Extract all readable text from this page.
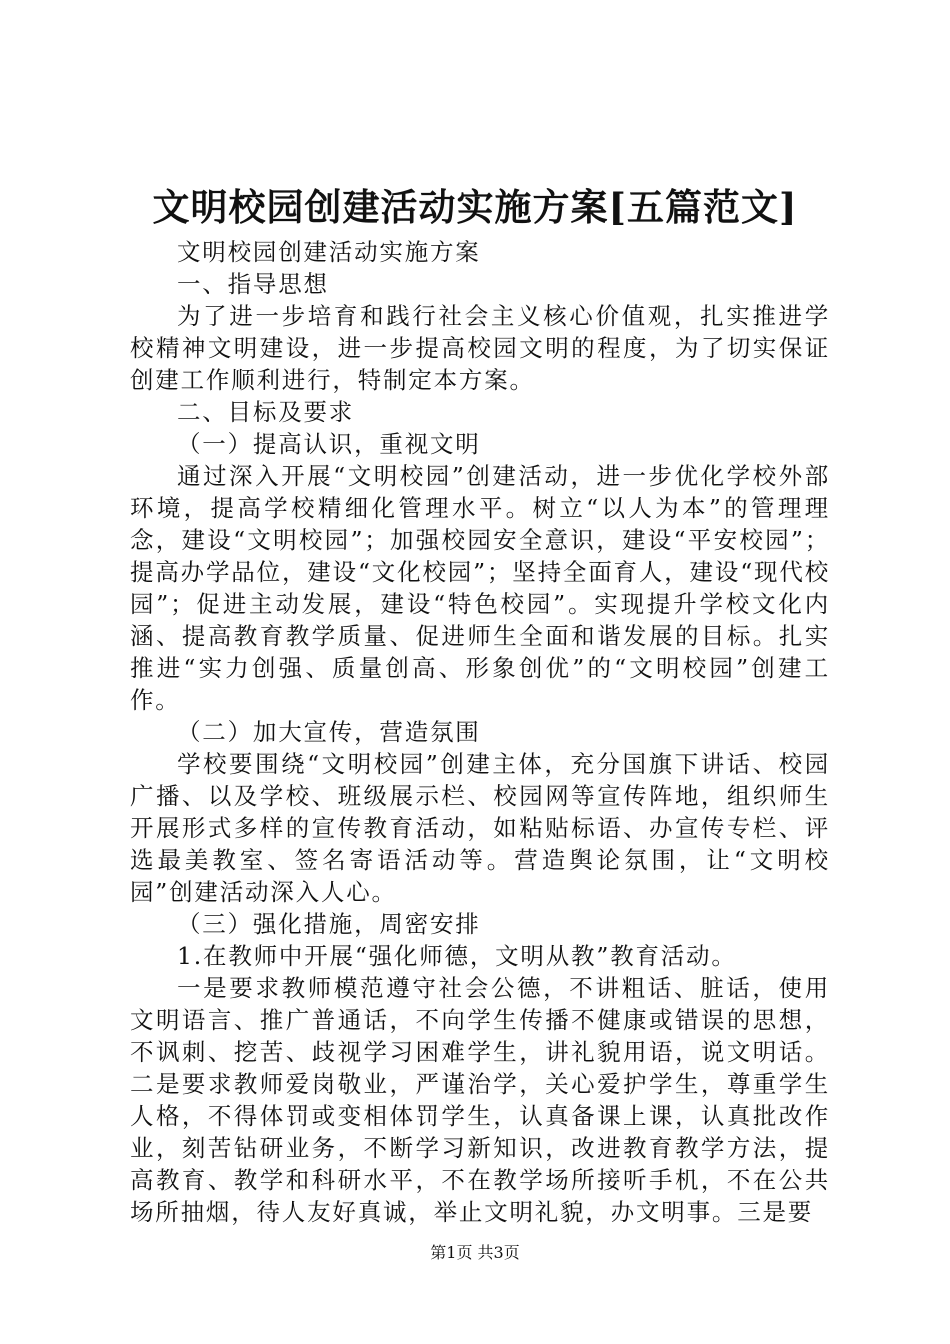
文明校园创建活动实施方案[五篇范文]

文明校园创建活动实施方案

一、指导思想

为了进一步培育和践行社会主义核心价值观，扎实推进学校精神文明建设，进一步提高校园文明的程度，为了切实保证创建工作顺利进行，特制定本方案。

二、目标及要求

（一）提高认识，重视文明

通过深入开展“文明校园”创建活动，进一步优化学校外部环境，提高学校精细化管理水平。树立“以人为本”的管理理念，建设“文明校园”；加强校园安全意识，建设“平安校园”；提高办学品位，建设“文化校园”；坚持全面育人，建设“现代校园”；促进主动发展，建设“特色校园”。实现提升学校文化内涵、提高教育教学质量、促进师生全面和谐发展的目标。扎实推进“实力创强、质量创高、形象创优”的“文明校园”创建工作。

（二）加大宣传，营造氛围

学校要围绕“文明校园”创建主体，充分国旗下讲话、校园广播、以及学校、班级展示栏、校园网等宣传阵地，组织师生开展形式多样的宣传教育活动，如粘贴标语、办宣传专栏、评选最美教室、签名寄语活动等。营造舆论氛围，让“文明校园”创建活动深入人心。

（三）强化措施，周密安排

1.在教师中开展“强化师德，文明从教”教育活动。

一是要求教师模范遵守社会公德，不讲粗话、脏话，使用文明语言、推广普通话，不向学生传播不健康或错误的思想，不讽刺、挖苦、歧视学习困难学生，讲礼貌用语，说文明话。二是要求教师爱岗敬业，严谨治学，关心爱护学生，尊重学生人格，不得体罚或变相体罚学生，认真备课上课，认真批改作业，刻苦钻研业务，不断学习新知识，改进教育教学方法，提高教育、教学和科研水平，不在教学场所接听手机，不在公共场所抽烟，待人友好真诚，举止文明礼貌，办文明事。三是要

第1页 共3页
